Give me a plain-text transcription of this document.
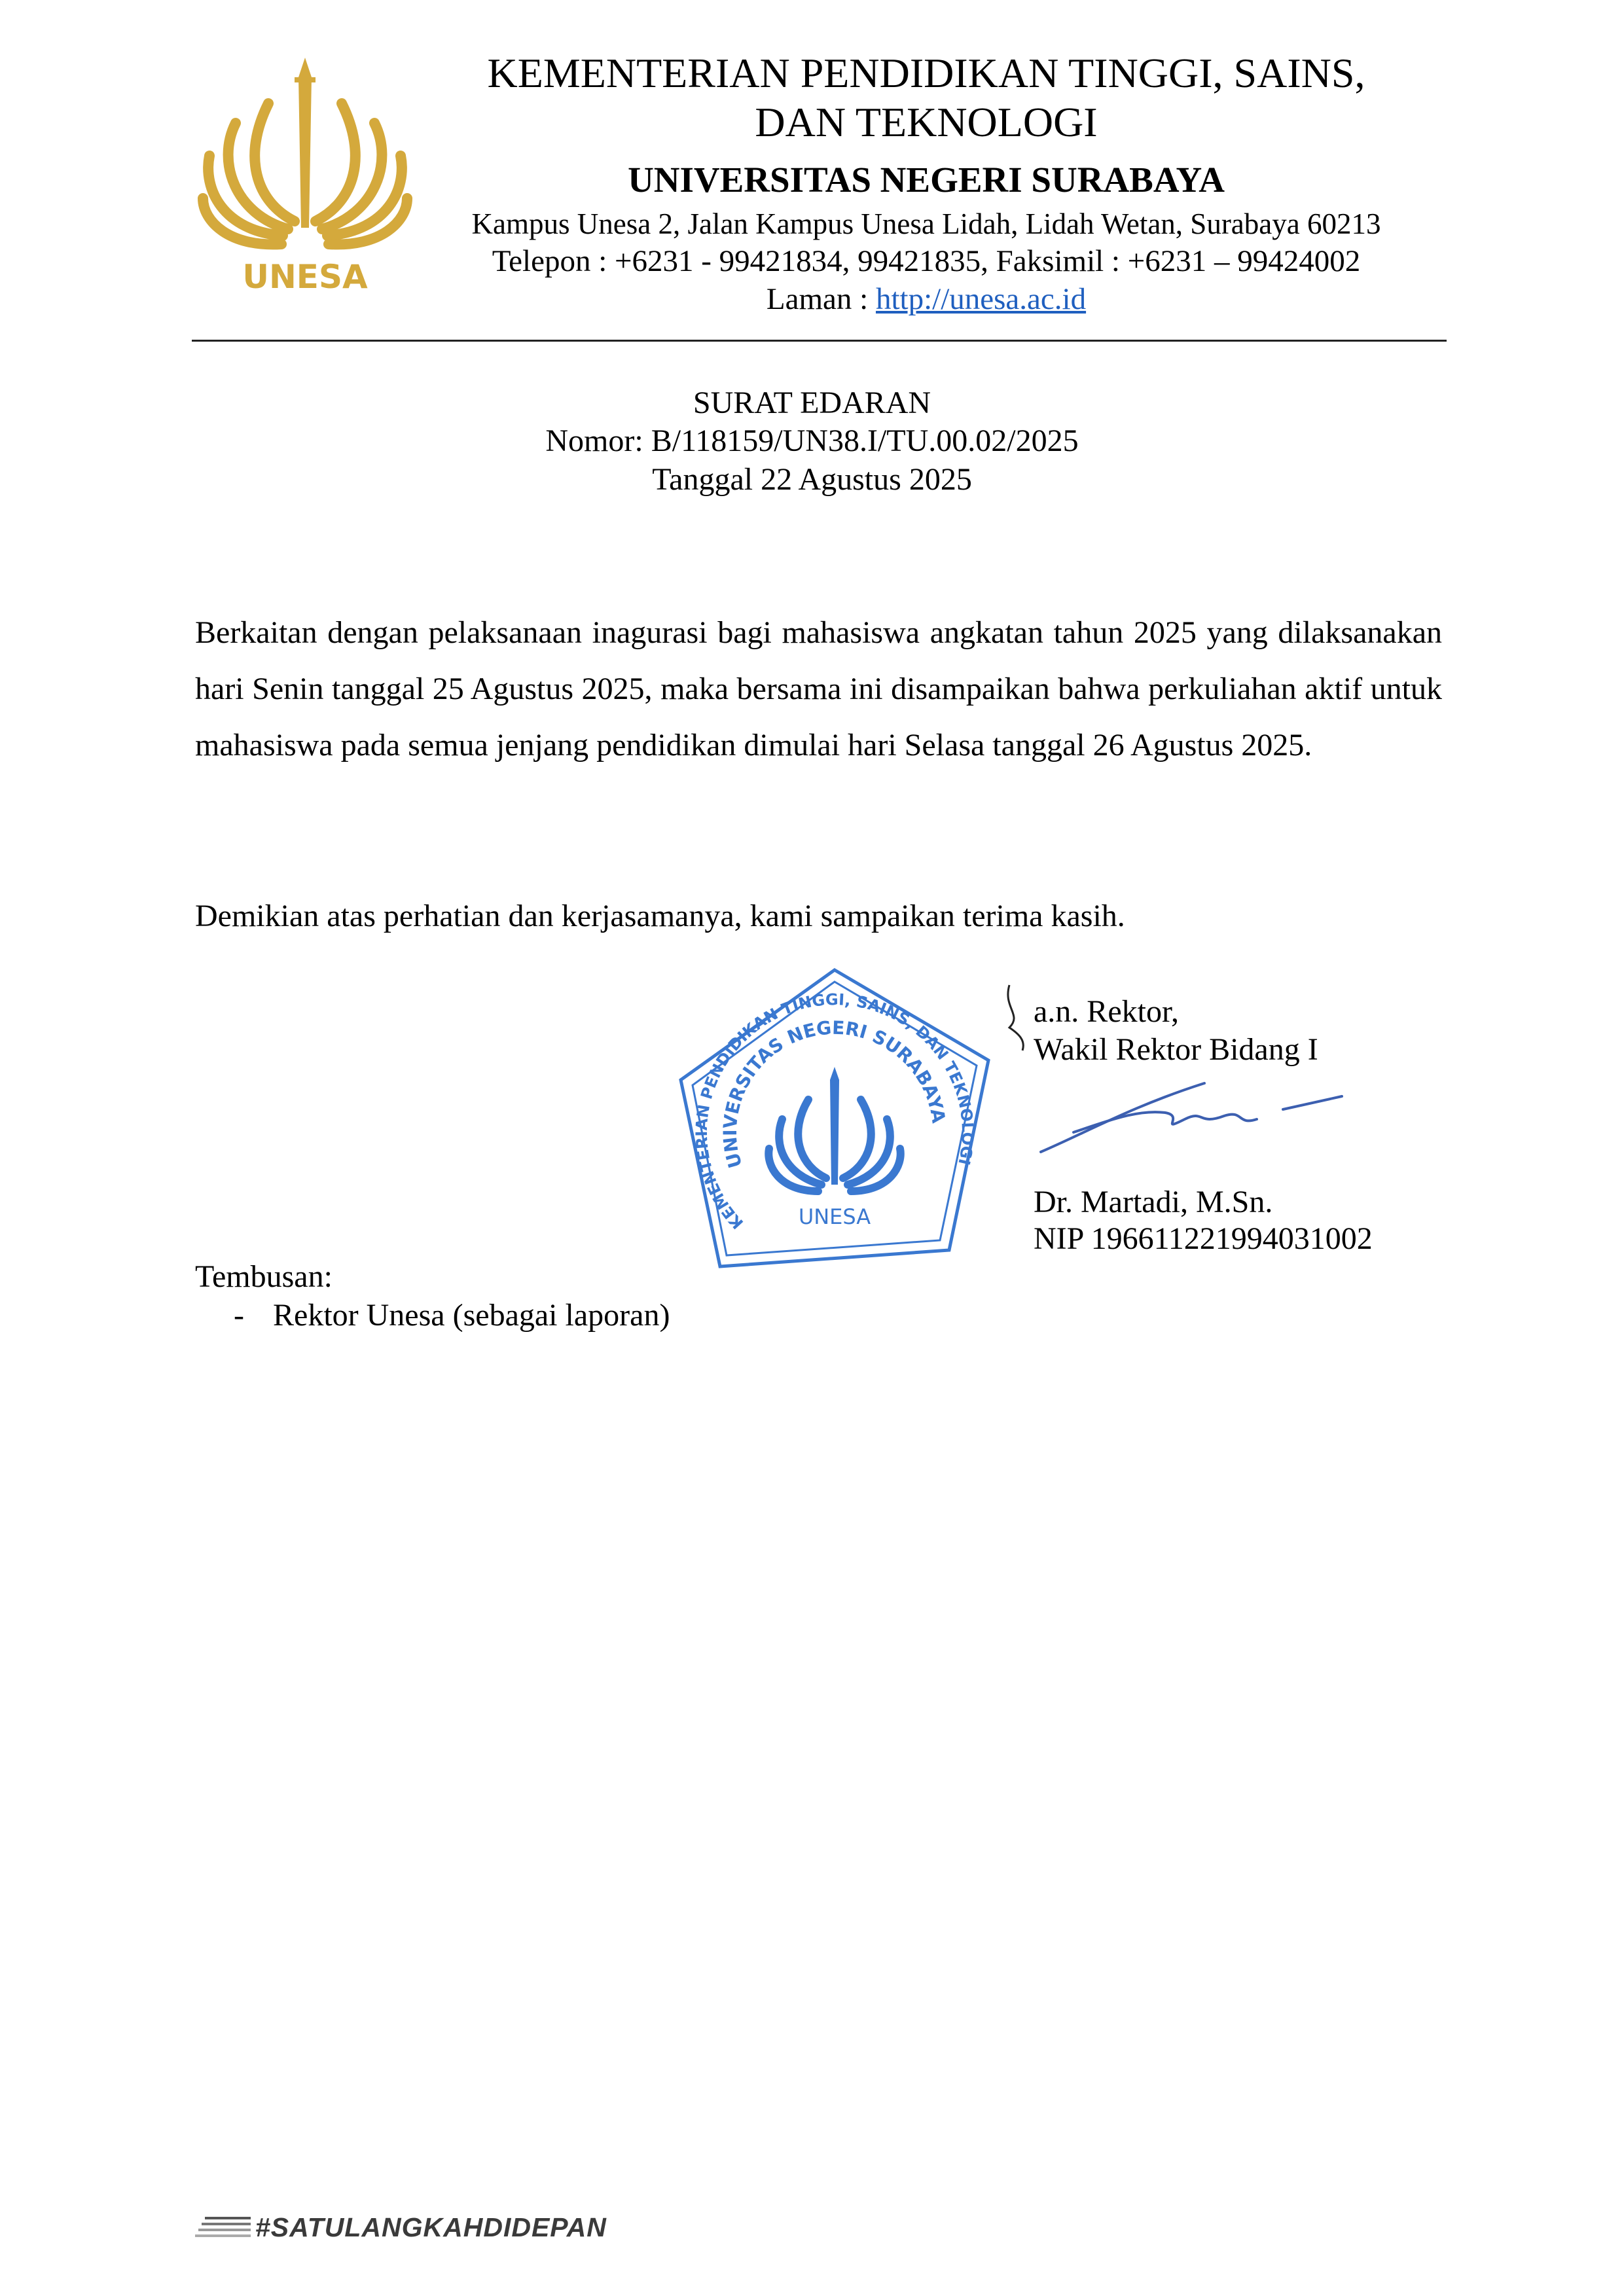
UNESA
KEMENTERIAN PENDIDIKAN TINGGI, SAINS,
DAN TEKNOLOGI
UNIVERSITAS NEGERI SURABAYA
Kampus Unesa 2, Jalan Kampus Unesa Lidah, Lidah Wetan, Surabaya 60213
Telepon : +6231 - 99421834, 99421835, Faksimil : +6231 – 99424002
Laman : http://unesa.ac.id
SURAT EDARAN
Nomor: B/118159/UN38.I/TU.00.02/2025
Tanggal 22 Agustus 2025
Berkaitan dengan pelaksanaan inagurasi bagi mahasiswa angkatan tahun 2025 yang dilaksanakan hari Senin tanggal 25 Agustus 2025, maka bersama ini disampaikan bahwa perkuliahan aktif untuk mahasiswa pada semua jenjang pendidikan dimulai hari Selasa tanggal 26 Agustus 2025.
Demikian atas perhatian dan kerjasamanya, kami sampaikan terima kasih.
KEMENTERIAN PENDIDIKAN TINGGI, SAINS, DAN TEKNOLOGI
UNIVERSITAS NEGERI SURABAYA
UNESA
a.n. Rektor,
Wakil Rektor Bidang I
Dr. Martadi, M.Sn.
NIP 196611221994031002
Tembusan:
- Rektor Unesa (sebagai laporan)
#SATULANGKAHDIDEPAN
